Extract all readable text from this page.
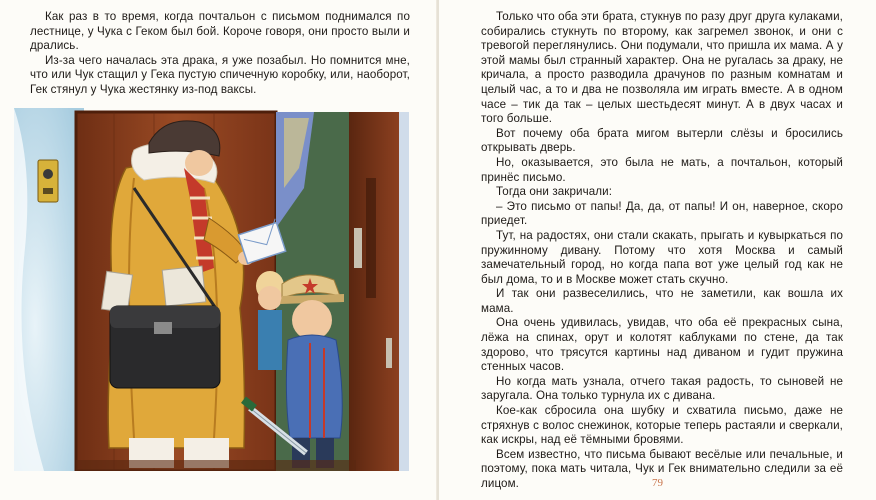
Как раз в то время, когда почтальон с письмом поднимался по лестнице, у Чука с Геком был бой. Короче говоря, они просто выли и дрались.

Из-за чего началась эта драка, я уже позабыл. Но помнится мне, что или Чук стащил у Гека пустую спичечную коробку, или, наоборот, Гек стянул у Чука жестянку из-под ваксы.

Только что оба эти брата, стукнув по разу друг друга кулаками, собирались стукнуть по второму, как загремел звонок, и они с тревогой переглянулись. Они подумали, что пришла их мама. А у этой мамы был странный характер. Она не ругалась за драку, не кричала, а просто разводила драчунов по разным комнатам и целый час, а то и два не позволяла им играть вместе. А в одном часе – тик да так – целых шестьдесят минут. А в двух часах и того больше.

Вот почему оба брата мигом вытерли слёзы и бросились открывать дверь.

Но, оказывается, это была не мать, а почтальон, который принёс письмо.

Тогда они закричали:

– Это письмо от папы! Да, да, от папы! И он, наверное, скоро приедет.

Тут, на радостях, они стали скакать, прыгать и кувыркаться по пружинному дивану. Потому что хотя Москва и самый замечательный город, но когда папа вот уже целый год как не был дома, то и в Москве может стать скучно.

И так они развеселились, что не заметили, как вошла их мама.

Она очень удивилась, увидав, что оба её прекрасных сына, лёжа на спинах, орут и колотят каблуками по стене, да так здорово, что трясутся картины над диваном и гудит пружина стенных часов.

Но когда мать узнала, отчего такая радость, то сыновей не заругала. Она только турнула их с дивана.

Кое-как сбросила она шубку и схватила письмо, даже не стряхнув с волос снежинок, которые теперь растаяли и сверкали, как искры, над её тёмными бровями.

Всем известно, что письма бывают весёлые или печальные, и поэтому, пока мать читала, Чук и Гек внимательно следили за её лицом.	79
